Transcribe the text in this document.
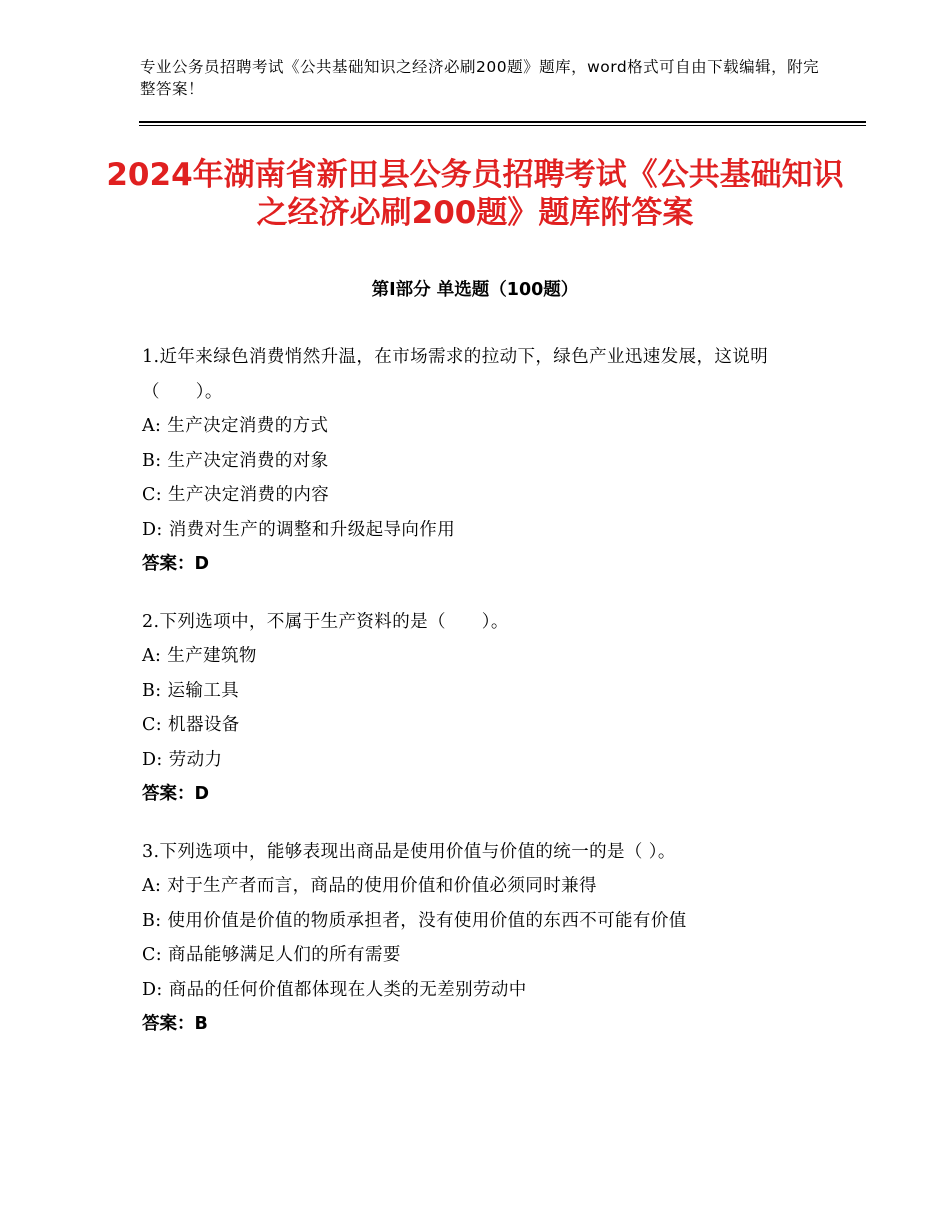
专业公务员招聘考试《公共基础知识之经济必刷200题》题库，word格式可自由下载编辑，附完整答案！
2024年湖南省新田县公务员招聘考试《公共基础知识之经济必刷200题》题库附答案
第Ⅰ部分 单选题（100题）

1.近年来绿色消费悄然升温，在市场需求的拉动下，绿色产业迅速发展，这说明（　　）。

A: 生产决定消费的方式

B: 生产决定消费的对象

C: 生产决定消费的内容

D: 消费对生产的调整和升级起导向作用

答案：D

2.下列选项中，不属于生产资料的是（　　）。

A: 生产建筑物

B: 运输工具

C: 机器设备

D: 劳动力

答案：D

3.下列选项中，能够表现出商品是使用价值与价值的统一的是（ ）。

A: 对于生产者而言，商品的使用价值和价值必须同时兼得

B: 使用价值是价值的物质承担者，没有使用价值的东西不可能有价值

C: 商品能够满足人们的所有需要

D: 商品的任何价值都体现在人类的无差别劳动中

答案：B
